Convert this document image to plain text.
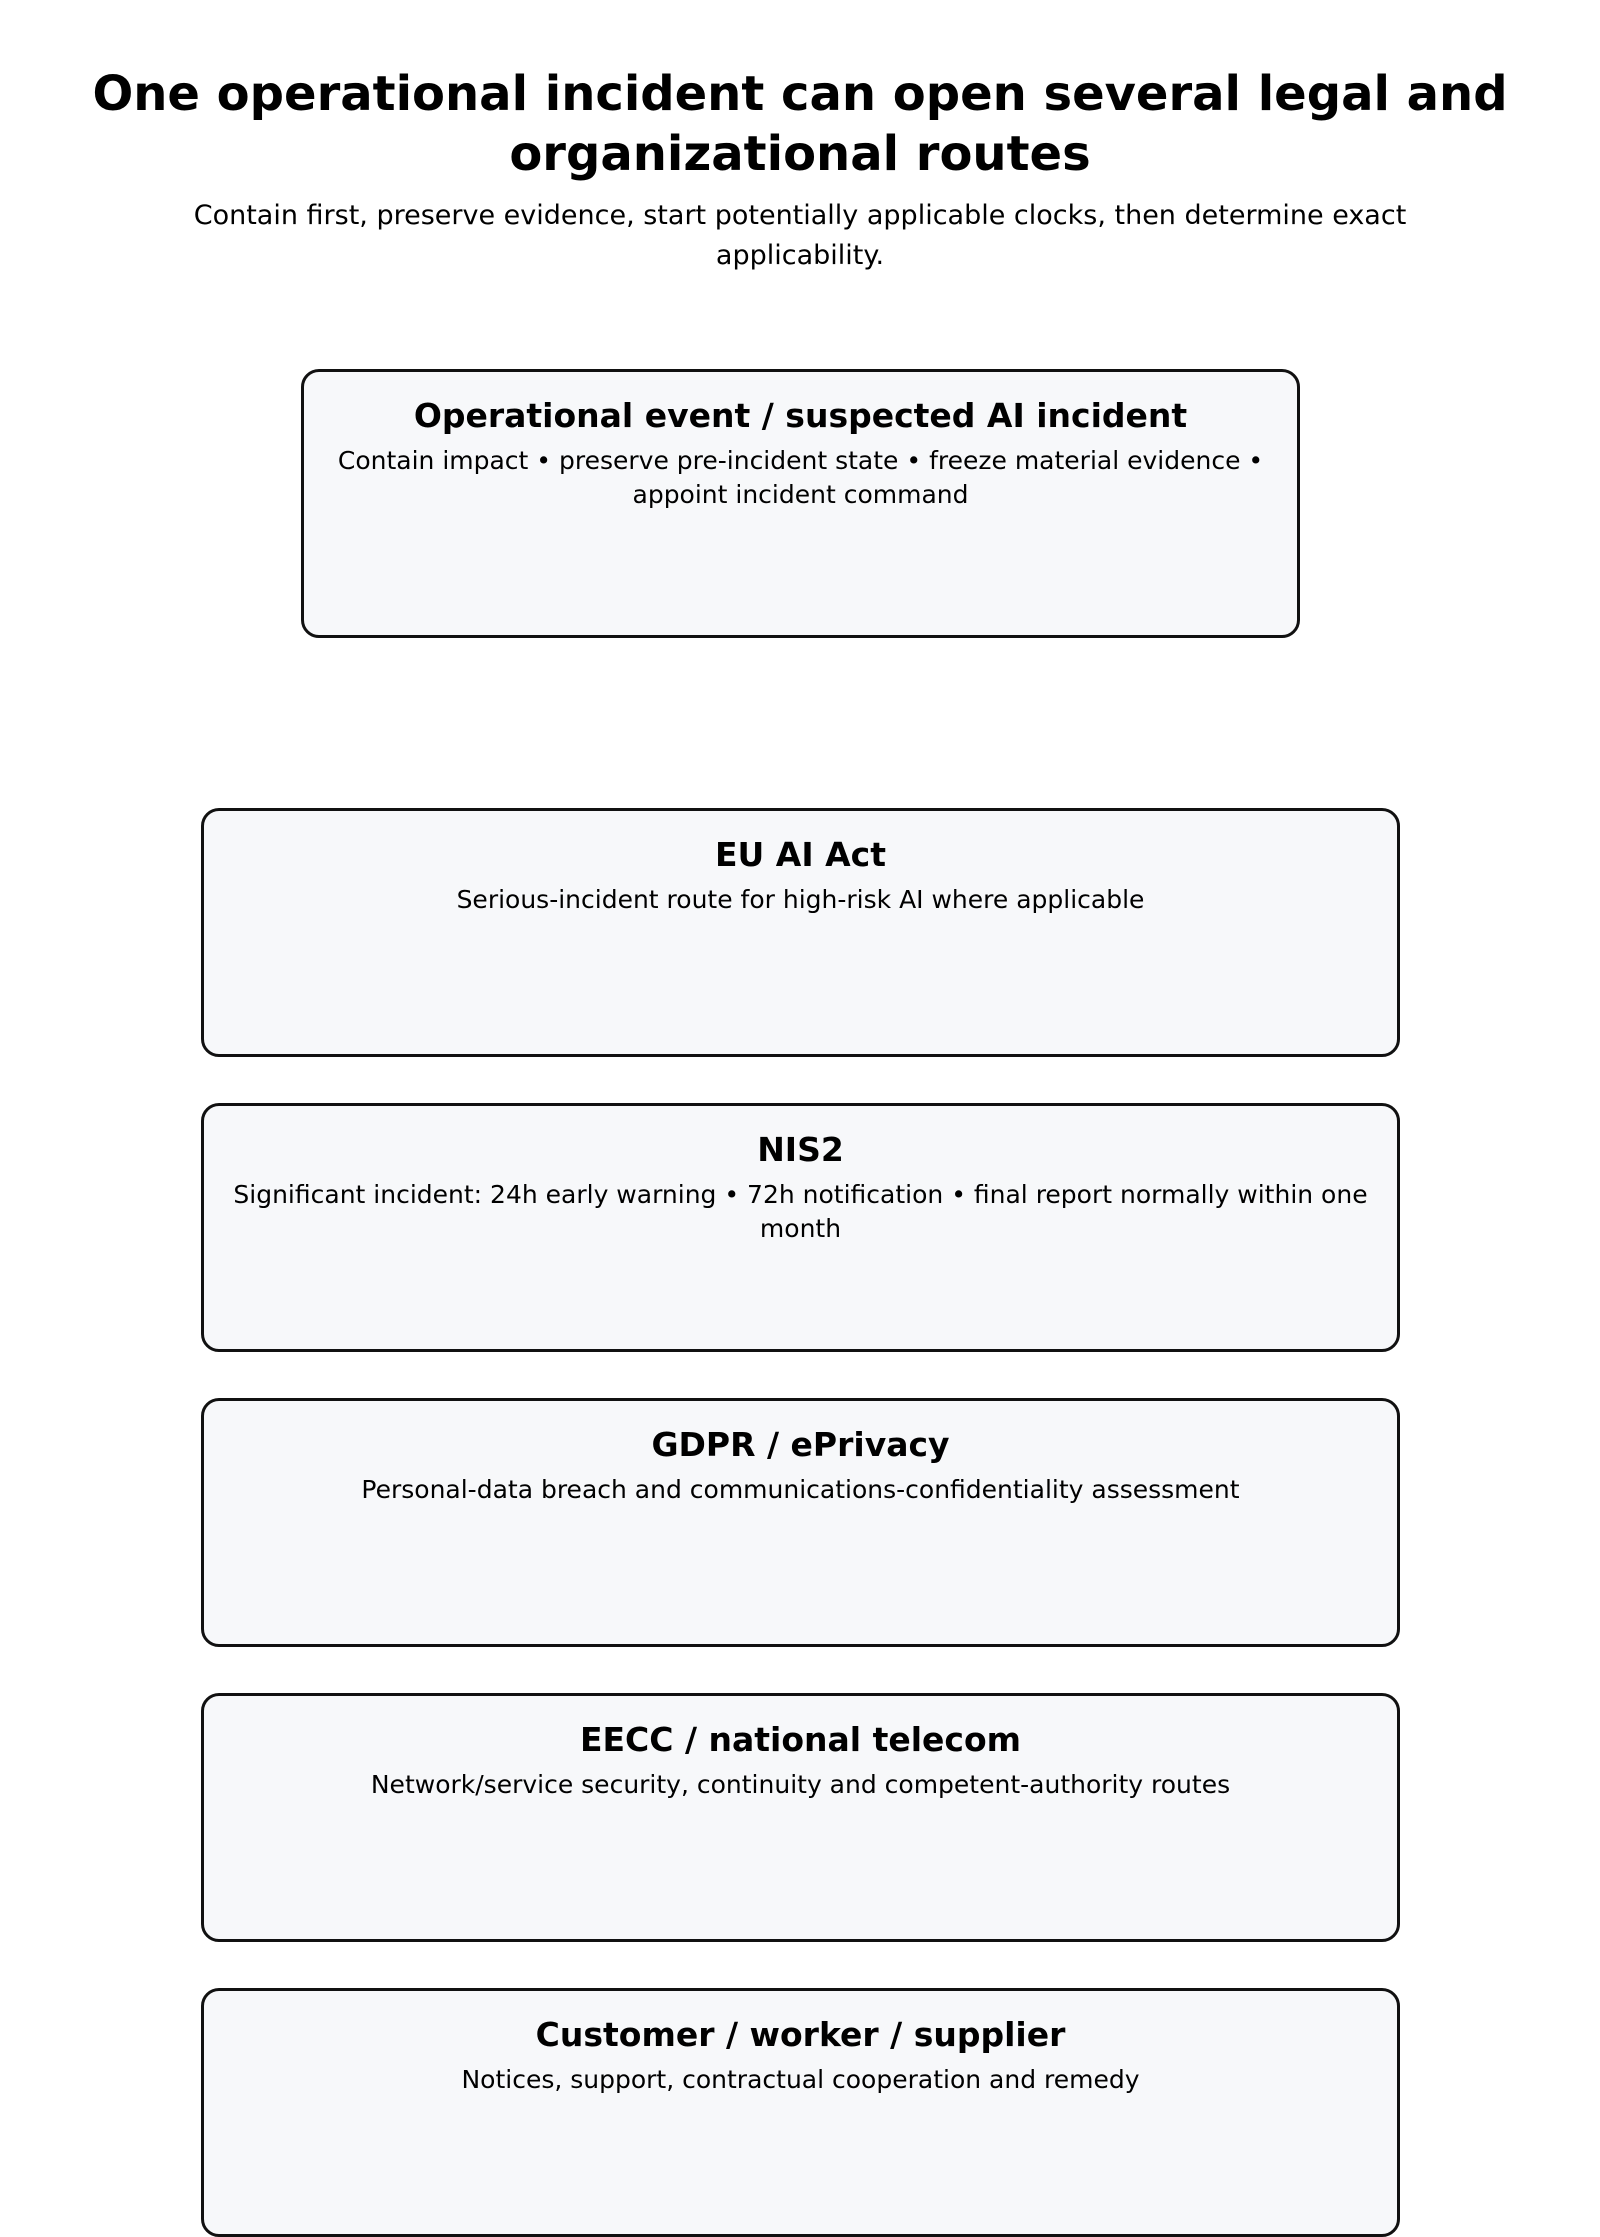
One operational incident can open several legal and organizational routes

Contain first, preserve evidence, start potentially applicable clocks, then determine exact applicability.

Operational event / suspected AI incident

Contain impact • preserve pre-incident state • freeze material evidence • appoint incident command

EU AI Act

Serious-incident route for high-risk AI where applicable

NIS2

Significant incident: 24h early warning • 72h notification • final report normally within one month

GDPR / ePrivacy

Personal-data breach and communications-confidentiality assessment

EECC / national telecom

Network/service security, continuity and competent-authority routes

Customer / worker / supplier

Notices, support, contractual cooperation and remedy
